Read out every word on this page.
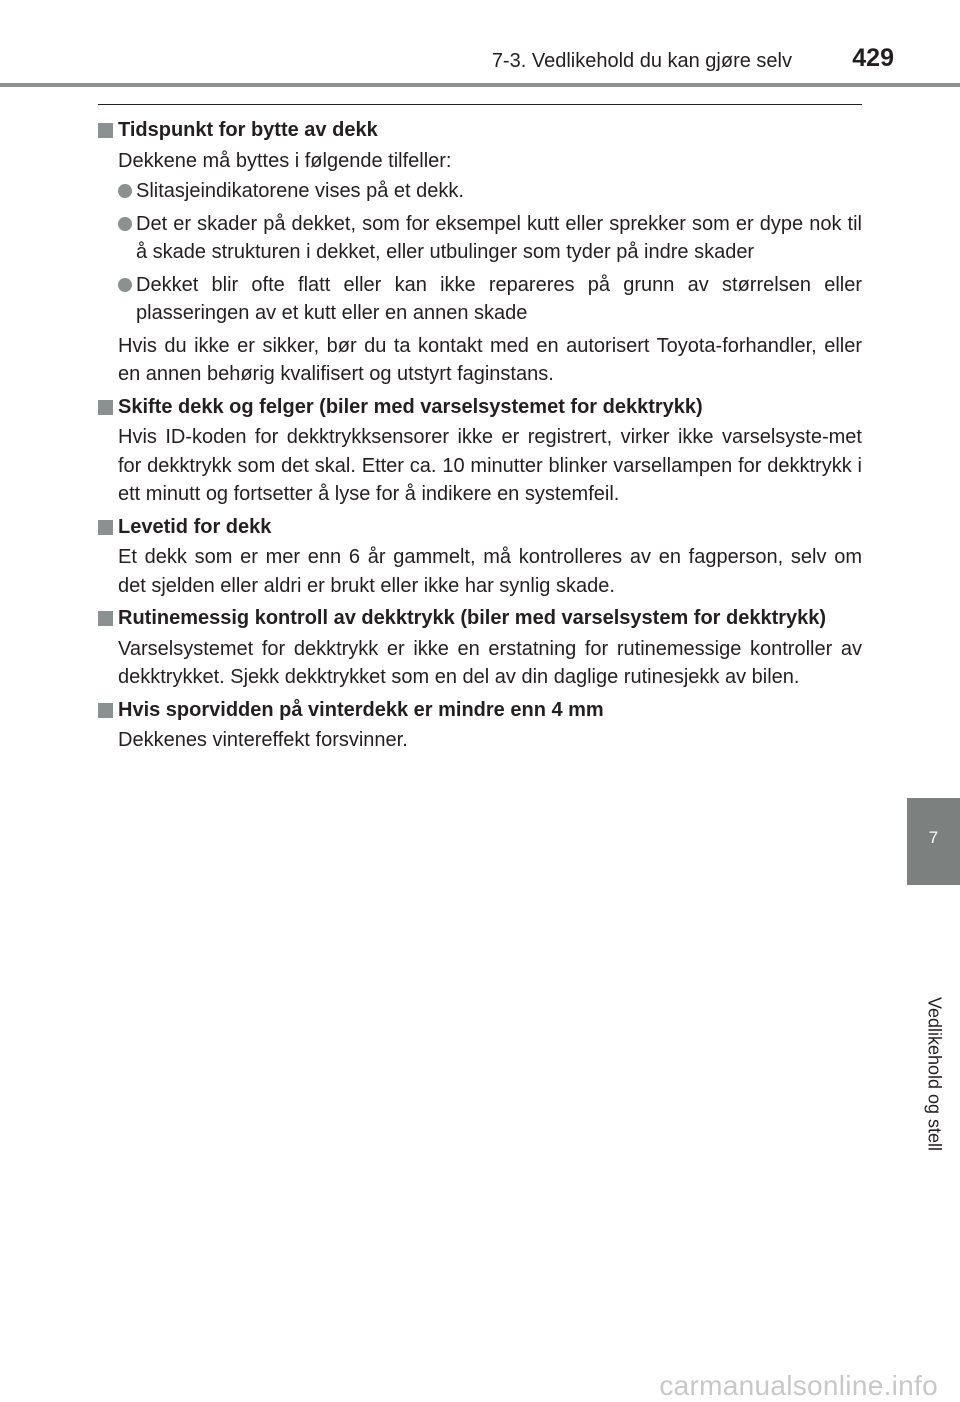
7-3. Vedlikehold du kan gjøre selv 429
7
Vedlikehold og stell
Tidspunkt for bytte av dekk
Dekkene må byttes i følgende tilfeller:
Slitasjeindikatorene vises på et dekk.
Det er skader på dekket, som for eksempel kutt eller sprekker som er dype nok til å skade strukturen i dekket, eller utbulinger som tyder på indre skader
Dekket blir ofte flatt eller kan ikke repareres på grunn av størrelsen eller plasseringen av et kutt eller en annen skade
Hvis du ikke er sikker, bør du ta kontakt med en autorisert Toyota-forhandler, eller en annen behørig kvalifisert og utstyrt faginstans.
Skifte dekk og felger (biler med varselsystemet for dekktrykk)
Hvis ID-koden for dekktrykksensorer ikke er registrert, virker ikke varselsyste-met for dekktrykk som det skal. Etter ca. 10 minutter blinker varsellampen for dekktrykk i ett minutt og fortsetter å lyse for å indikere en systemfeil.
Levetid for dekk
Et dekk som er mer enn 6 år gammelt, må kontrolleres av en fagperson, selv om det sjelden eller aldri er brukt eller ikke har synlig skade.
Rutinemessig kontroll av dekktrykk (biler med varselsystem for dekktrykk)
Varselsystemet for dekktrykk er ikke en erstatning for rutinemessige kontroller av dekktrykket. Sjekk dekktrykket som en del av din daglige rutinesjekk av bilen.
Hvis sporvidden på vinterdekk er mindre enn 4 mm
Dekkenes vintereffekt forsvinner.
carmanualsonline.info
